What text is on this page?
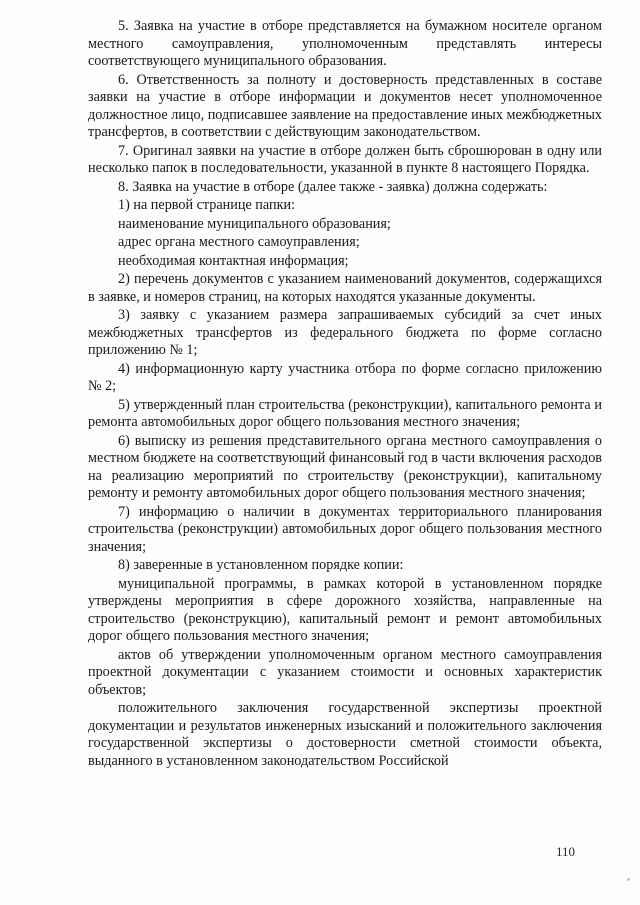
5. Заявка на участие в отборе представляется на бумажном носителе органом местного самоуправления, уполномоченным представлять интересы соответствующего муниципального образования.

6. Ответственность за полноту и достоверность представленных в составе заявки на участие в отборе информации и документов несет уполномоченное должностное лицо, подписавшее заявление на предоставление иных межбюджетных трансфертов, в соответствии с действующим законодательством.

7. Оригинал заявки на участие в отборе должен быть сброшюрован в одну или несколько папок в последовательности, указанной в пункте 8 настоящего Порядка.

8. Заявка на участие в отборе (далее также - заявка) должна содержать:

1) на первой странице папки:

наименование муниципального образования;

адрес органа местного самоуправления;

необходимая контактная информация;

2) перечень документов с указанием наименований документов, содержащихся в заявке, и номеров страниц, на которых находятся указанные документы.

3) заявку с указанием размера запрашиваемых субсидий за счет иных межбюджетных трансфертов из федерального бюджета по форме согласно приложению № 1;

4) информационную карту участника отбора по форме согласно приложению № 2;

5) утвержденный план строительства (реконструкции), капитального ремонта и ремонта автомобильных дорог общего пользования местного значения;

6) выписку из решения представительного органа местного самоуправления о местном бюджете на соответствующий финансовый год в части включения расходов на реализацию мероприятий по строительству (реконструкции), капитальному ремонту и ремонту автомобильных дорог общего пользования местного значения;

7) информацию о наличии в документах территориального планирования строительства (реконструкции) автомобильных дорог общего пользования местного значения;

8) заверенные в установленном порядке копии:

муниципальной программы, в рамках которой в установленном порядке утверждены мероприятия в сфере дорожного хозяйства, направленные на строительство (реконструкцию), капитальный ремонт и ремонт автомобильных дорог общего пользования местного значения;

актов об утверждении уполномоченным органом местного самоуправления проектной документации с указанием стоимости и основных характеристик объектов;

положительного заключения государственной экспертизы проектной документации и результатов инженерных изысканий и положительного заключения государственной экспертизы о достоверности сметной стоимости объекта, выданного в установленном законодательством Российской

110
